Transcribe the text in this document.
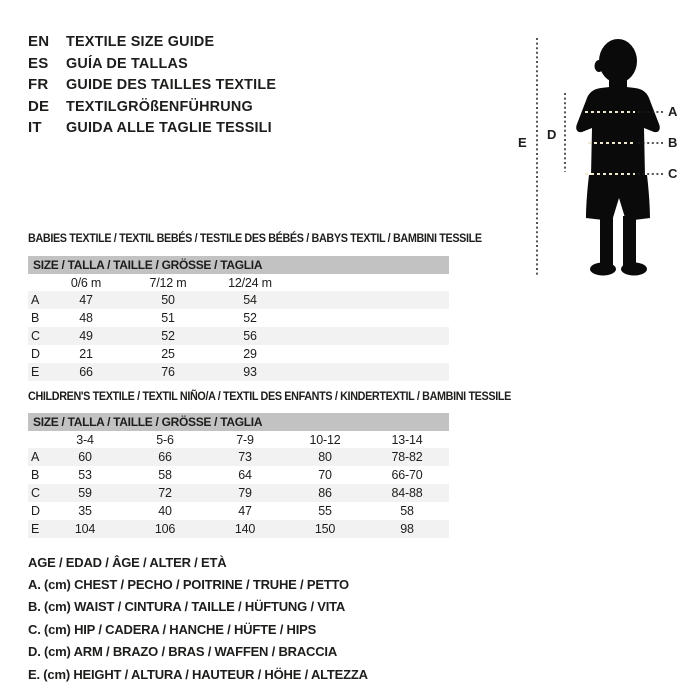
EN	TEXTILE SIZE GUIDE
ES	GUÍA DE TALLAS
FR	GUIDE DES TAILLES TEXTILE
DE	TEXTILGRÖßENFÜHRUNG
IT	GUIDA ALLE TAGLIE TESSILI
A
B
C
D
E
BABIES TEXTILE / TEXTIL BEBÉS / TESTILE DES BÉBÉS / BABYS TEXTIL / BAMBINI TESSILE
SIZE / TALLA / TAILLE / GRÖSSE / TAGLIA				
	0/6 m	7/12 m	12/24 m	
A	47	50	54	
B	48	51	52	
C	49	52	56	
D	21	25	29	
E	66	76	93	
CHILDREN'S TEXTILE / TEXTIL NIÑO/A / TEXTIL DES ENFANTS / KINDERTEXTIL / BAMBINI TESSILE
SIZE / TALLA / TAILLE / GRÖSSE / TAGLIA					
	3-4	5-6	7-9	10-12	13-14
A	60	66	73	80	78-82
B	53	58	64	70	66-70
C	59	72	79	86	84-88
D	35	40	47	55	58
E	104	106	140	150	98
AGE / EDAD / ÂGE / ALTER / ETÀ
A. (cm) CHEST / PECHO / POITRINE / TRUHE / PETTO
B. (cm) WAIST / CINTURA / TAILLE / HÜFTUNG / VITA
C. (cm) HIP / CADERA / HANCHE / HÜFTE / HIPS
D. (cm) ARM / BRAZO / BRAS / WAFFEN / BRACCIA
E. (cm) HEIGHT / ALTURA / HAUTEUR / HÖHE / ALTEZZA
